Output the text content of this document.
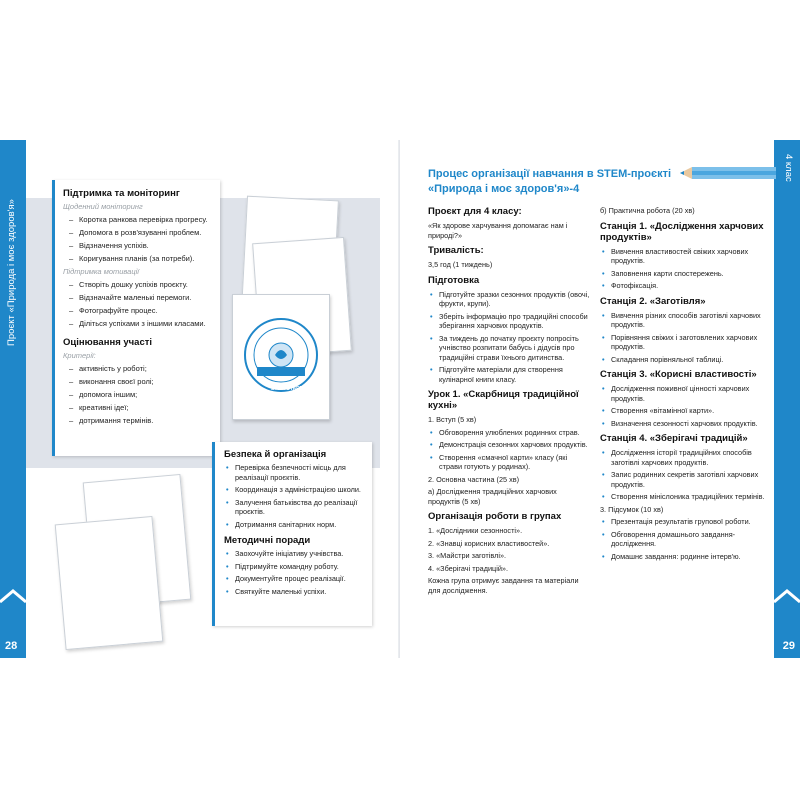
Проєкт «Природа і моє здоров'я»
28
STEM-START
Підтримка та моніторинг
Щоденний моніторинг
– Коротка ранкова перевірка прогресу.
– Допомога в розв'язуванні проблем.
– Відзначення успіхів.
– Коригування планів (за потреби).
Підтримка мотивації
– Створіть дошку успіхів проєкту.
– Відзначайте маленькі перемоги.
– Фотографуйте процес.
– Діліться успіхами з іншими класами.
Оцінювання участі
Критерії:
– активність у роботі;
– виконання своєї ролі;
– допомога іншим;
– креативні ідеї;
– дотримання термінів.
Безпека й організація
• Перевірка безпечності місць для реалізації проєктів.
• Координація з адміністрацією школи.
• Залучення батьківства до реалізації проєктів.
• Дотримання санітарних норм.
Методичні поради
• Заохочуйте ініціативу учнівства.
• Підтримуйте командну роботу.
• Документуйте процес реалізації.
• Святкуйте маленькі успіхи.
4 клас
29
Процес організації навчання в STEM-проєкті
«Природа і моє здоров'я»-4
Проєкт для 4 класу:

«Як здорове харчування допомагає нам і природі?»

Тривалість:

3,5 год (1 тиждень)

Підготовка
• Підготуйте зразки сезонних продуктів (овочі, фрукти, крупи).
• Зберіть інформацію про традиційні способи зберігання харчових продуктів.
• За тиждень до початку проєкту попросіть учнівство розпитати бабусь і дідусів про традиційні страви їхнього дитинства.
• Підготуйте матеріали для створення кулінарної книги класу.
Урок 1. «Скарбниця традиційної кухні»

1. Вступ (5 хв)

• Обговорення улюблених родинних страв.
• Демонстрація сезонних харчових продуктів.
• Створення «смачної карти» класу (які страви готують у родинах).

2. Основна частина (25 хв)

а) Дослідження традиційних харчових продуктів (5 хв)

Організація роботи в групах
1. «Дослідники сезонності».
2. «Знавці корисних властивостей».
3. «Майстри заготівлі».
4. «Зберігачі традицій».

Кожна група отримує завдання та матеріали для дослідження.

б) Практична робота (20 хв)

Станція 1. «Дослідження харчових продуктів»
• Вивчення властивостей свіжих харчових продуктів.
• Заповнення карти спостережень.
• Фотофіксація.
Станція 2. «Заготівля»
• Вивчення різних способів заготівлі харчових продуктів.
• Порівняння свіжих і заготовлених харчових продуктів.
• Складання порівняльної таблиці.
Станція 3. «Корисні властивості»
• Дослідження поживної цінності харчових продуктів.
• Створення «вітамінної карти».
• Визначення сезонності харчових продуктів.
Станція 4. «Зберігачі традицій»
• Дослідження історії традиційних способів заготівлі харчових продуктів.
• Запис родинних секретів заготівлі харчових продуктів.
• Створення мініслоника традиційних термінів.

3. Підсумок (10 хв)

• Презентація результатів групової роботи.
• Обговорення домашнього завдання-дослідження.
• Домашнє завдання: родинне інтерв'ю.
